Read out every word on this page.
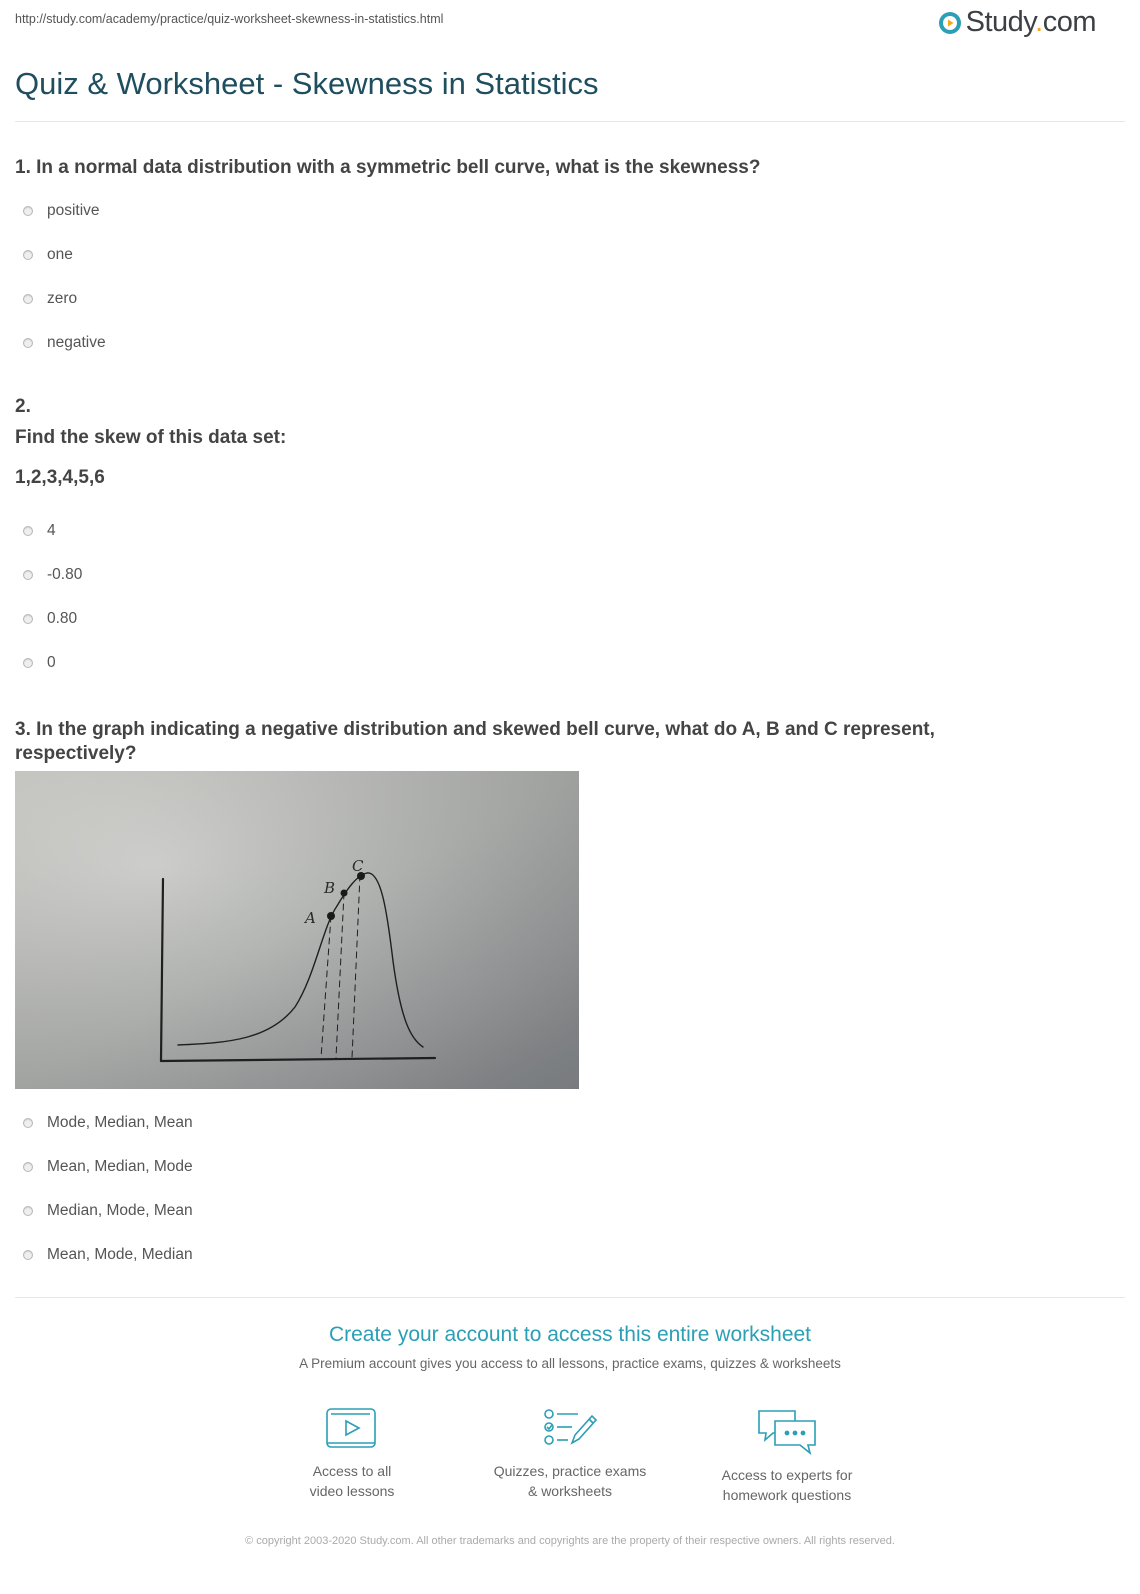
http://study.com/academy/practice/quiz-worksheet-skewness-in-statistics.html	Study.com
Quiz & Worksheet - Skewness in Statistics
1. In a normal data distribution with a symmetric bell curve, what is the skewness?
positive
one
zero
negative
2.
Find the skew of this data set:
1,2,3,4,5,6
4
-0.80
0.80
0
3. In the graph indicating a negative distribution and skewed bell curve, what do A, B and C represent,
respectively?
A
B
C
Mode, Median, Mean
Mean, Median, Mode
Median, Mode, Mean
Mean, Mode, Median
Create your account to access this entire worksheet
A Premium account gives you access to all lessons, practice exams, quizzes & worksheets
Access to all
video lessons
Quizzes, practice exams
& worksheets
Access to experts for
homework questions
© copyright 2003-2020 Study.com. All other trademarks and copyrights are the property of their respective owners. All rights reserved.
